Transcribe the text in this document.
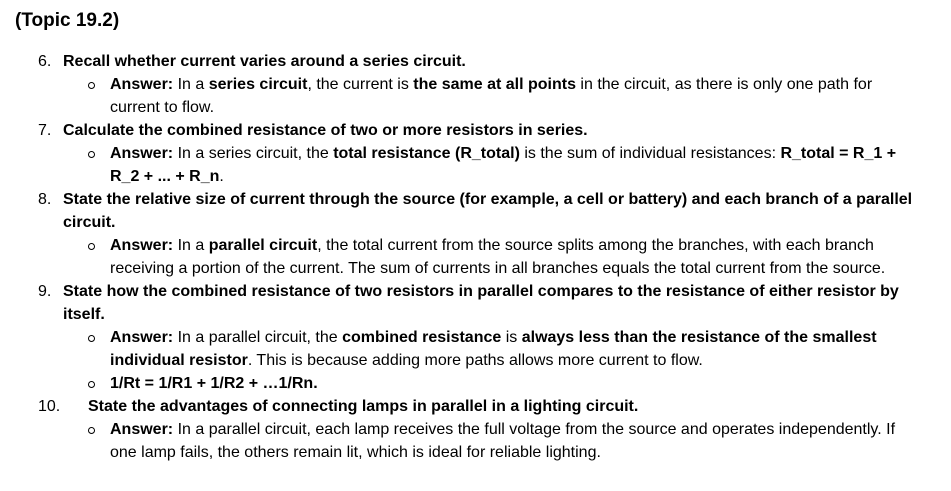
(Topic 19.2)
6. Recall whether current varies around a series circuit.
Answer: In a series circuit, the current is the same at all points in the circuit, as there is only one path for current to flow.
7. Calculate the combined resistance of two or more resistors in series.
Answer: In a series circuit, the total resistance (R_total) is the sum of individual resistances: R_total = R_1 + R_2 + ... + R_n.
8. State the relative size of current through the source (for example, a cell or battery) and each branch of a parallel circuit.
Answer: In a parallel circuit, the total current from the source splits among the branches, with each branch receiving a portion of the current. The sum of currents in all branches equals the total current from the source.
9. State how the combined resistance of two resistors in parallel compares to the resistance of either resistor by itself.
Answer: In a parallel circuit, the combined resistance is always less than the resistance of the smallest individual resistor. This is because adding more paths allows more current to flow.
1/Rt = 1/R1 + 1/R2 + …1/Rn.
10. State the advantages of connecting lamps in parallel in a lighting circuit.
Answer: In a parallel circuit, each lamp receives the full voltage from the source and operates independently. If one lamp fails, the others remain lit, which is ideal for reliable lighting.
